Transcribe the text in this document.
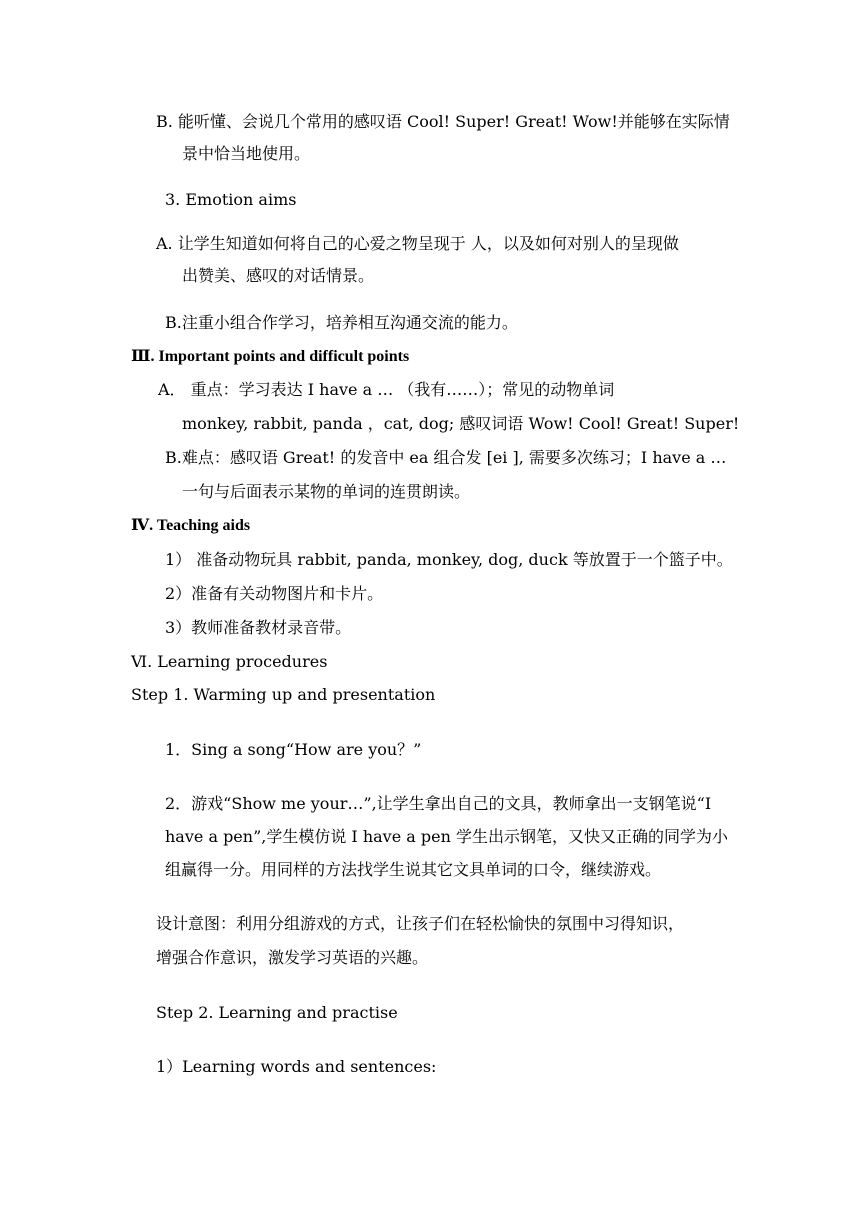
B. 能听懂、会说几个常用的感叹语 Cool! Super! Great! Wow!并能够在实际情
景中恰当地使用。
3. Emotion aims
A. 让学生知道如何将自己的心爱之物呈现于 人，以及如何对别人的呈现做
出赞美、感叹的对话情景。
B.注重小组合作学习，培养相互沟通交流的能力。
Ⅲ. Important points and difficult points
A． 重点：学习表达 I have a … （我有……）；常见的动物单词
monkey, rabbit, panda ，cat, dog; 感叹词语 Wow! Cool! Great! Super!
B.难点：感叹语 Great! 的发音中 ea 组合发 [ei ], 需要多次练习；I have a …
一句与后面表示某物的单词的连贯朗读。
Ⅳ. Teaching aids
1） 准备动物玩具 rabbit, panda, monkey, dog, duck 等放置于一个篮子中。
2）准备有关动物图片和卡片。
3）教师准备教材录音带。
Ⅵ. Learning procedures
Step 1. Warming up and presentation
1．Sing a song“How are you？”
2．游戏“Show me your…”,让学生拿出自己的文具，教师拿出一支钢笔说“I
have a pen”,学生模仿说 I have a pen 学生出示钢笔，又快又正确的同学为小
组赢得一分。用同样的方法找学生说其它文具单词的口令，继续游戏。
设计意图：利用分组游戏的方式，让孩子们在轻松愉快的氛围中习得知识，
增强合作意识，激发学习英语的兴趣。
Step 2. Learning and practise
1）Learning words and sentences:
